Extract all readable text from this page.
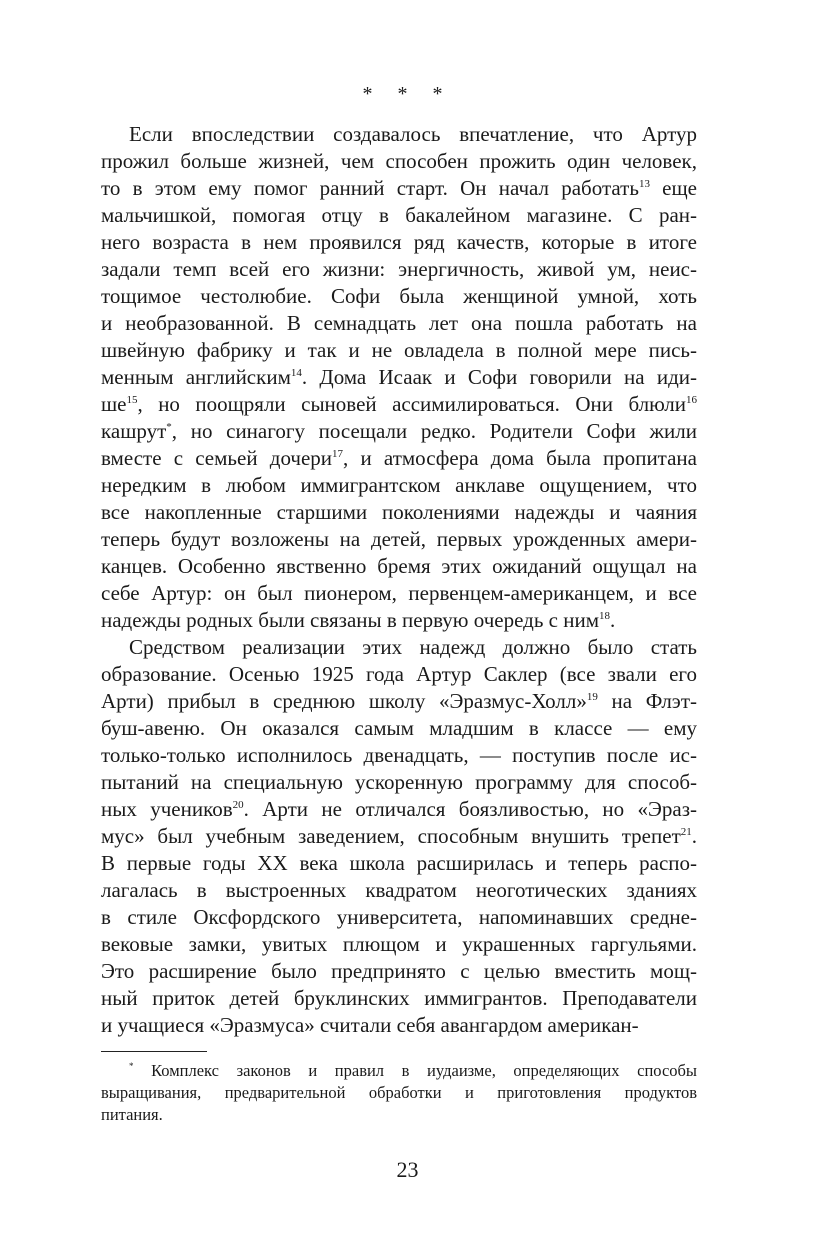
* * *
Если впоследствии создавалось впечатление, что Артур
прожил больше жизней, чем способен прожить один человек,
то в этом ему помог ранний старт. Он начал работать$^{13}$ еще
мальчишкой, помогая отцу в бакалейном магазине. С ран-
него возраста в нем проявился ряд качеств, которые в итоге
задали темп всей его жизни: энергичность, живой ум, неис-
тощимое честолюбие. Софи была женщиной умной, хоть
и необразованной. В семнадцать лет она пошла работать на
швейную фабрику и так и не овладела в полной мере пись-
менным английским$^{14}$. Дома Исаак и Софи говорили на иди-
$ше^{15}$, но поощряли сыновей ассимилироваться. Они блюли$^{16}$
кашрут*, но синагогу посещали редко. Родители Софи жили
вместе с семьей дочери$^{17}$, и атмосфера дома была пропитана
нередким в любом иммигрантском анклаве ощущением, что
все накопленные старшими поколениями надежды и чаяния
теперь будут возложены на детей, первых урожденных амери-
канцев. Особенно явственно бремя этих ожиданий ощущал на
себе Артур: он был пионером, первенцем-американцем, и все
надежды родных были связаны в первую очередь с ним$^{18}$.
Средством реализации этих надежд должно было стать
образование. Осенью 1925 года Артур Саклер (все звали его
Арти) прибыл в среднюю школу «Эразмус-Холл»$^{19}$ на Флэт-
буш-авеню. Он оказался самым младшим в классе — ему
только-только исполнилось двенадцать, — поступив после ис-
пытаний на специальную ускоренную программу для способ-
ных учеников$^{20}$. Арти не отличался боязливостью, но «Эраз-
мус» был учебным заведением, способным внушить трепет$^{21}$.
В первые годы XX века школа расширилась и теперь распо-
лагалась в выстроенных квадратом неоготических зданиях
в стиле Оксфордского университета, напоминавших средне-
вековые замки, увитых плющом и украшенных гаргульями.
Это расширение было предпринято с целью вместить мощ-
ный приток детей бруклинских иммигрантов. Преподаватели
и учащиеся «Эразмуса» считали себя авангардом американ-
* Комплекс законов и правил в иудаизме, определяющих способы
выращивания, предварительной обработки и приготовления продуктов
питания.
23
